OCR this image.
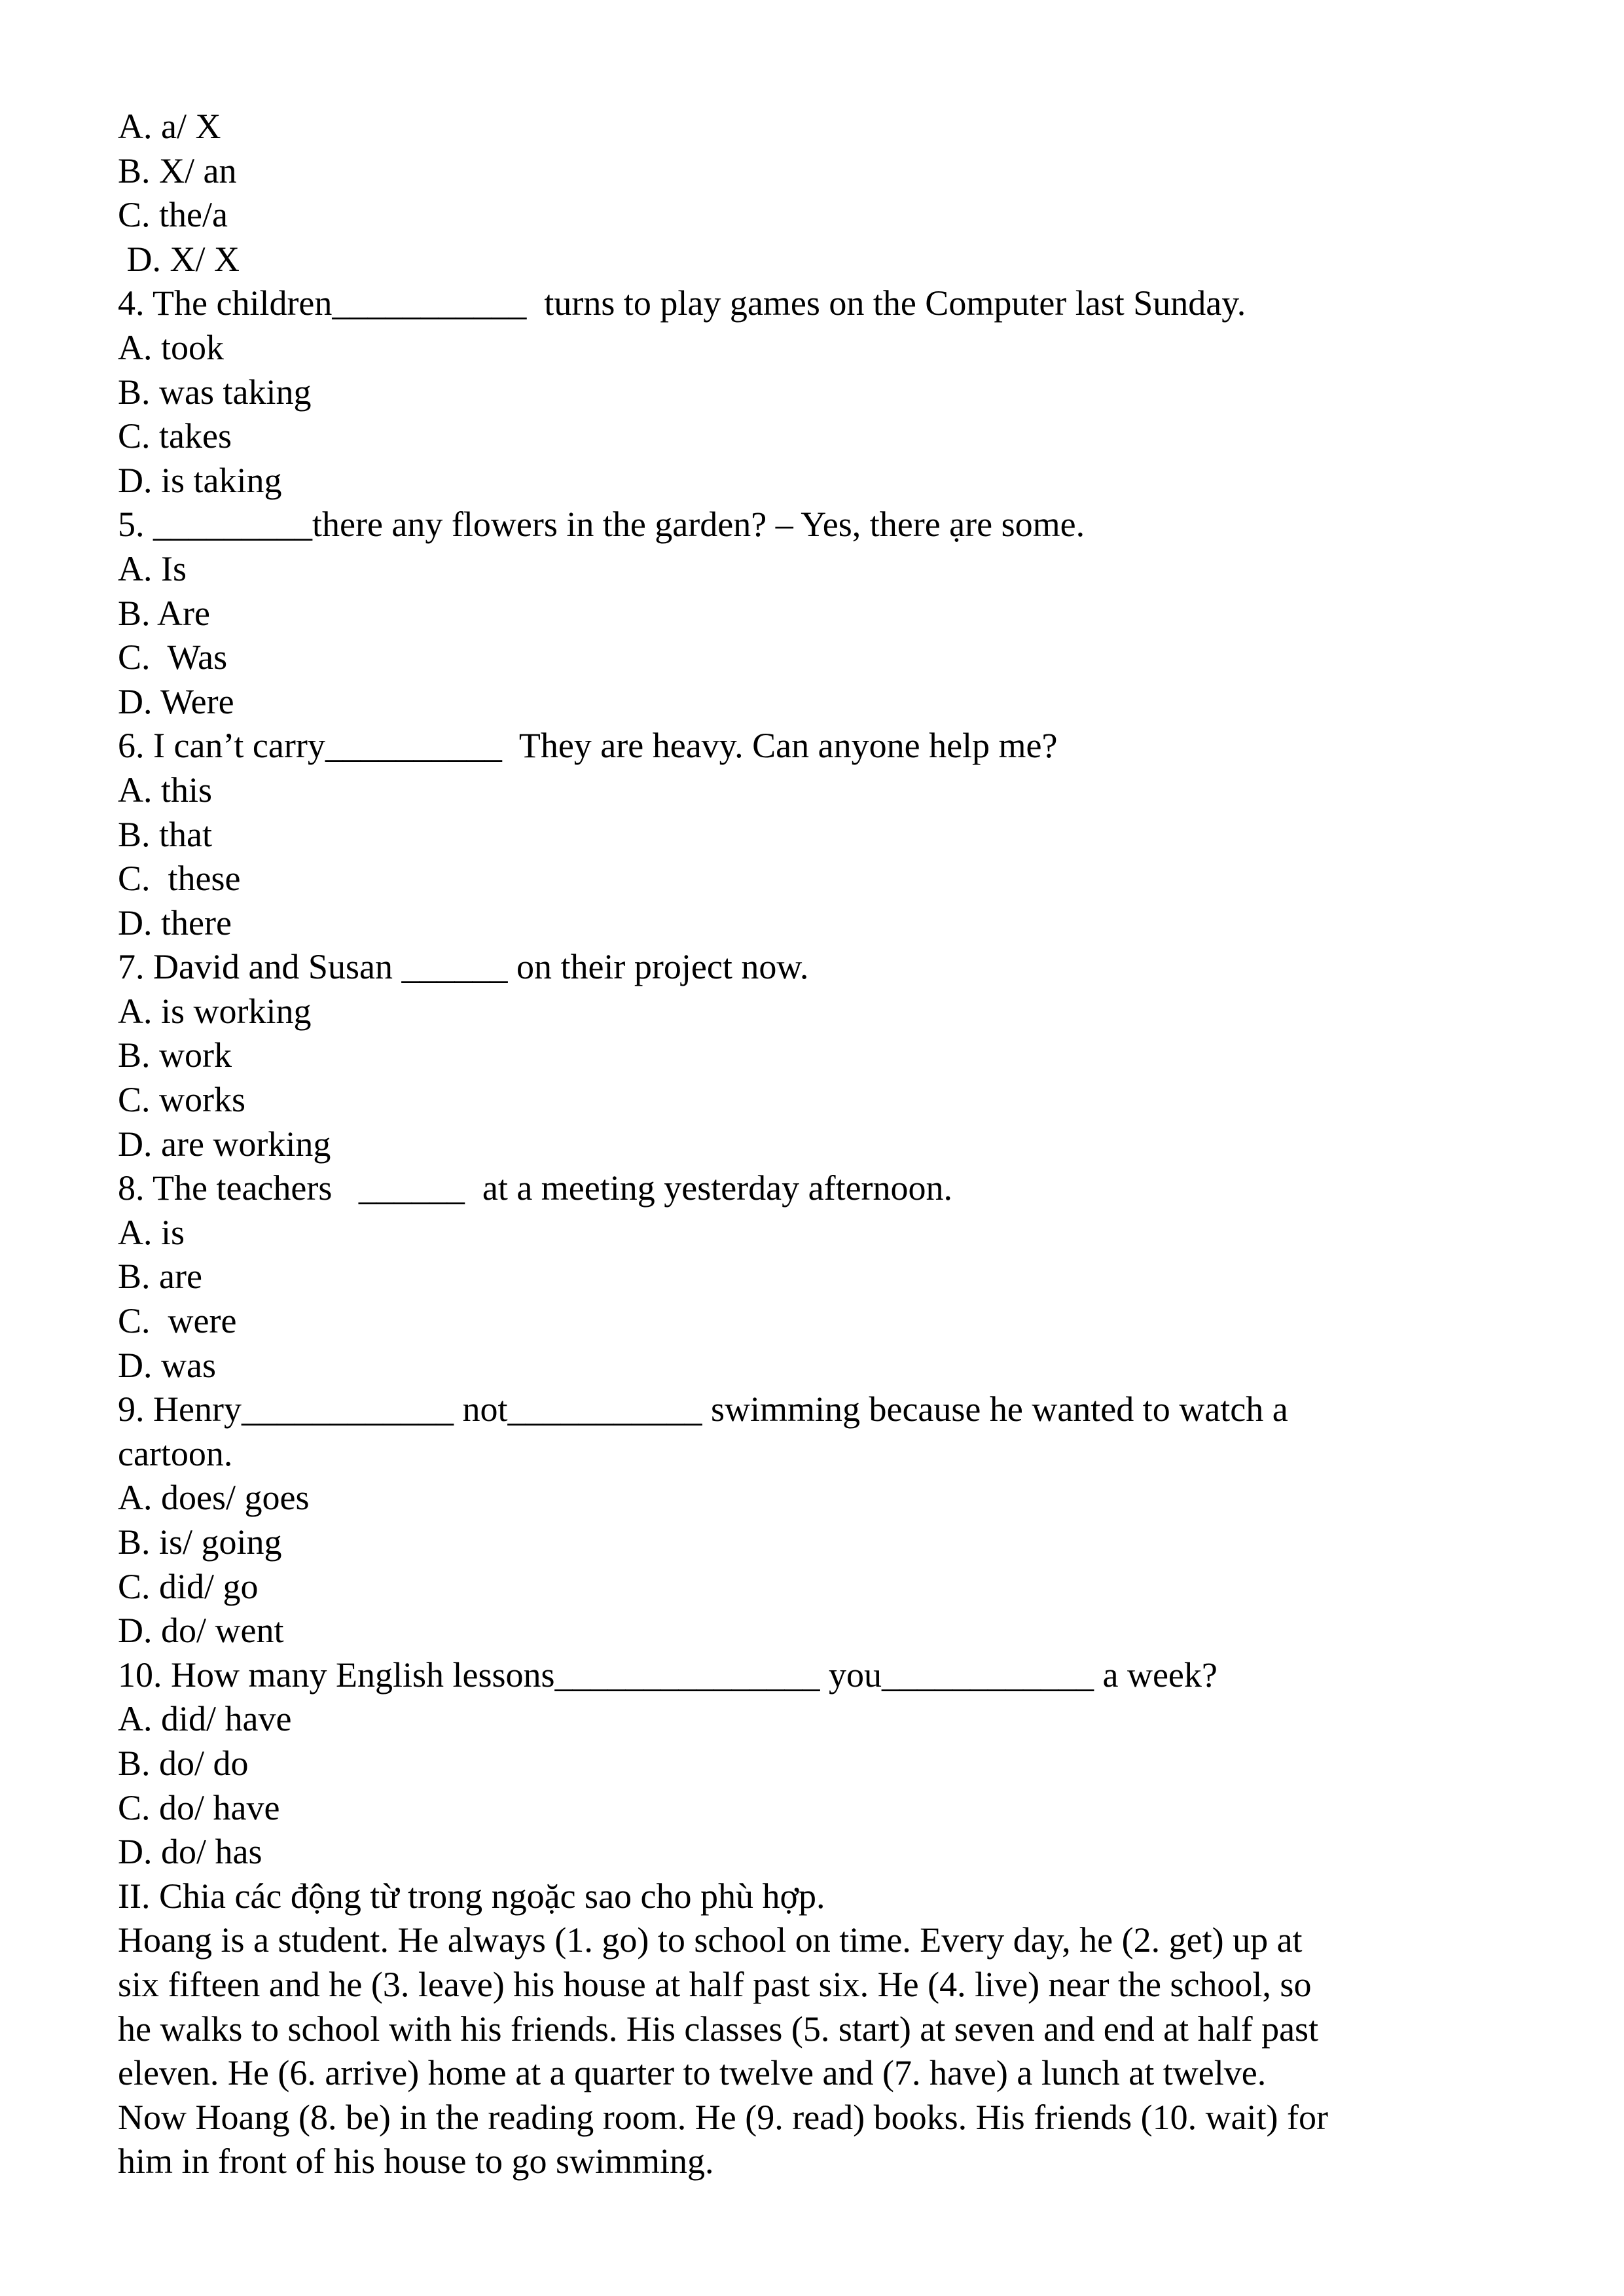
A. a/ X
B. X/ an
C. the/a
D. X/ X
4. The children___________  turns to play games on the Computer last Sunday.
A. took
B. was taking
C. takes
D. is taking
5. _________there any flowers in the garden? – Yes, there ạre some.
A. Is
B. Are
C.  Was
D. Were
6. I can’t carry__________  They are heavy. Can anyone help me?
A. this
B. that
C.  these
D. there
7. David and Susan ______ on their project now.
A. is working
B. work
C. works
D. are working
8. The teachers   ______  at a meeting yesterday afternoon.
A. is
B. are
C.  were
D. was
9. Henry____________ not___________ swimming because he wanted to watch a
cartoon.
A. does/ goes
B. is/ going
C. did/ go
D. do/ went
10. How many English lessons_______________ you____________ a week?
A. did/ have
B. do/ do
C. do/ have
D. do/ has
II. Chia các động từ trong ngoặc sao cho phù hợp.
Hoang is a student. He always (1. go) to school on time. Every day, he (2. get) up at
six fifteen and he (3. leave) his house at half past six. He (4. live) near the school, so
he walks to school with his friends. His classes (5. start) at seven and end at half past
eleven. He (6. arrive) home at a quarter to twelve and (7. have) a lunch at twelve.
Now Hoang (8. be) in the reading room. He (9. read) books. His friends (10. wait) for
him in front of his house to go swimming.
